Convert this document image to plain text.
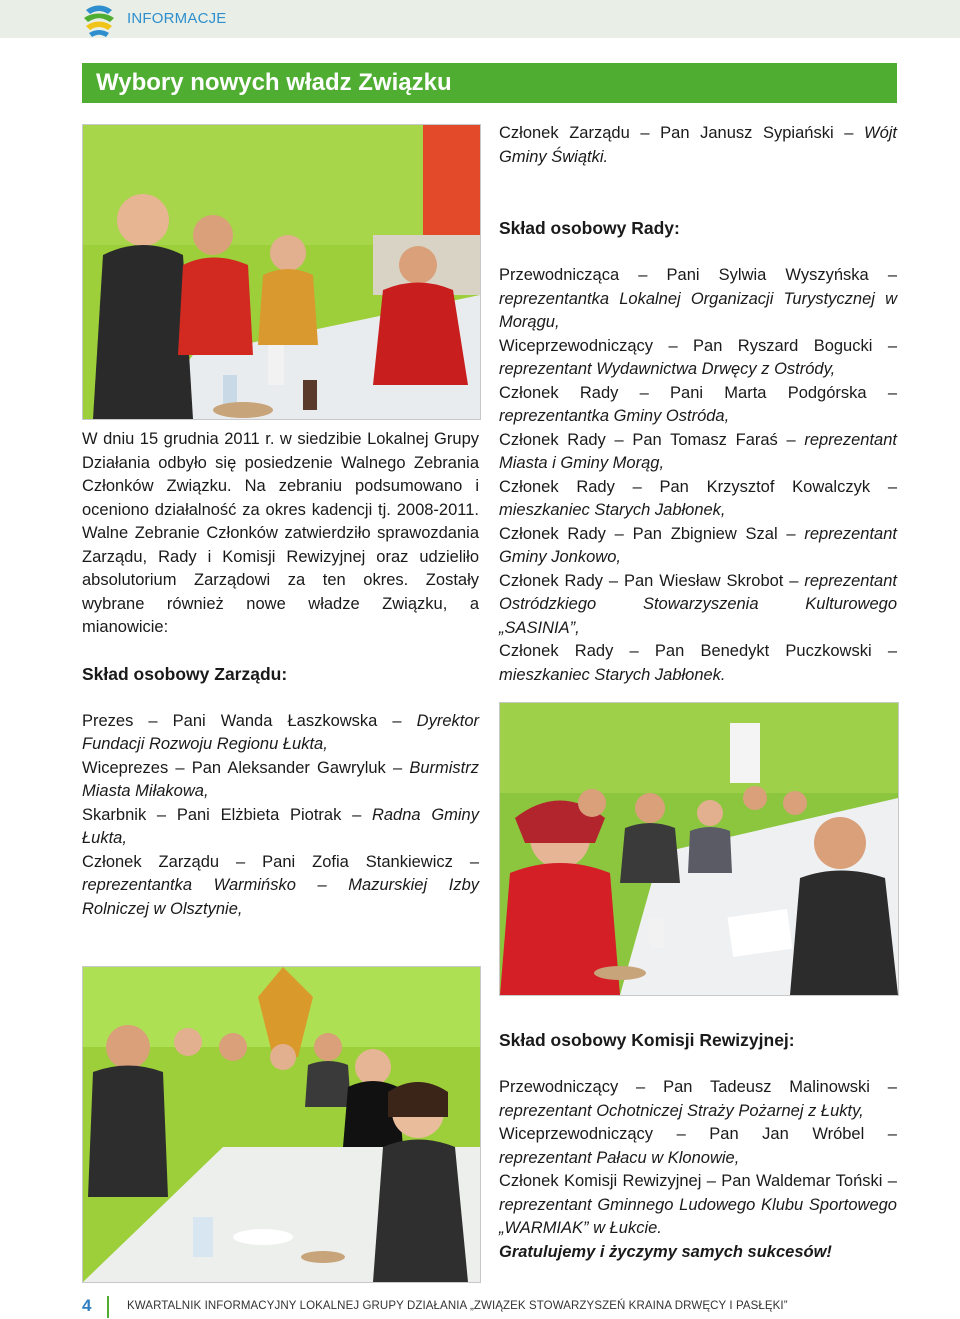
INFORMACJE
Wybory nowych władz Związku

W dniu 15 grudnia 2011 r. w siedzibie Lokalnej Grupy Działania odbyło się posiedzenie Walnego Zebrania Członków Związku. Na zebraniu podsumowano i oceniono działalność za okres kadencji tj. 2008-2011. Walne Zebranie Członków zatwierdziło sprawozdania Zarządu, Rady i Komisji Rewizyjnej oraz udzieliło absolutorium Zarządowi za ten okres. Zostały wybrane również nowe władze Związku, a mianowicie:

Skład osobowy Zarządu:

Prezes – Pani Wanda Łaszkowska – Dyrektor Fundacji Rozwoju Regionu Łukta,

Wiceprezes – Pan Aleksander Gawryluk – Burmistrz Miasta Miłakowa,

Skarbnik – Pani Elżbieta Piotrak – Radna Gminy Łukta,

Członek Zarządu – Pani Zofia Stankiewicz – reprezentantka Warmińsko – Mazurskiej Izby Rolniczej w Olsztynie,

Członek Zarządu – Pan Janusz Sypiański – Wójt Gminy Świątki.

Skład osobowy Rady:

Przewodnicząca – Pani Sylwia Wyszyńska – reprezentantka Lokalnej Organizacji Turystycznej w Morągu,

Wiceprzewodniczący – Pan Ryszard Bogucki – reprezentant Wydawnictwa Drwęcy z Ostródy,

Członek Rady – Pani Marta Podgórska – reprezentantka Gminy Ostróda,

Członek Rady – Pan Tomasz Faraś – reprezentant Miasta i Gminy Morąg,

Członek Rady – Pan Krzysztof Kowalczyk – mieszkaniec Starych Jabłonek,

Członek Rady – Pan Zbigniew Szal – reprezentant Gminy Jonkowo,

Członek Rady – Pan Wiesław Skrobot – reprezentant Ostródzkiego Stowarzyszenia Kulturowego „SASINIA”,

Członek Rady – Pan Benedykt Puczkowski – mieszkaniec Starych Jabłonek.

Skład osobowy Komisji Rewizyjnej:

Przewodniczący – Pan Tadeusz Malinowski – reprezentant Ochotniczej Straży Pożarnej z Łukty,

Wiceprzewodniczący – Pan Jan Wróbel – reprezentant Pałacu w Klonowie,

Członek Komisji Rewizyjnej – Pan Waldemar Toński – reprezentant Gminnego Ludowego Klubu Sportowego „WARMIAK” w Łukcie.

Gratulujemy i życzymy samych sukcesów!

4	KWARTALNIK INFORMACYJNY LOKALNEJ GRUPY DZIAŁANIA „ZWIĄZEK STOWARZYSZEŃ KRAINA DRWĘCY I PASŁĘKI”
